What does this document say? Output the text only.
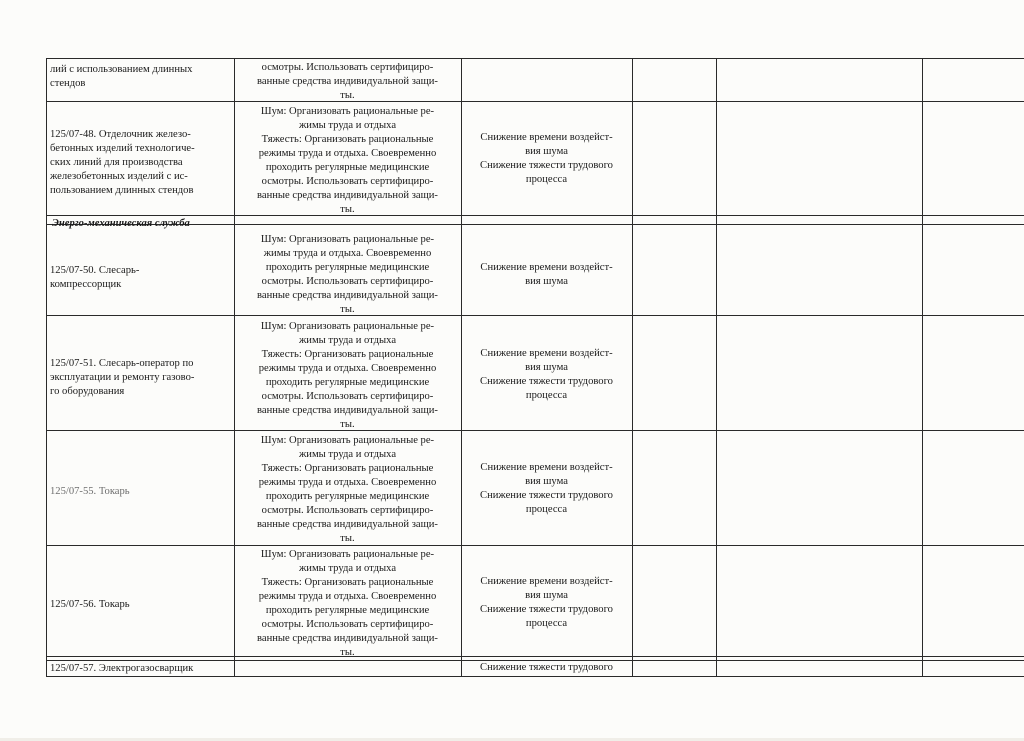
лий с использованием длинных
стендов
осмотры. Использовать сертифициро-
ванные средства индивидуальной защи-
ты.
125/07-48. Отделочник железо-
бетонных изделий технологиче-
ских линий для производства
железобетонных изделий с ис-
пользованием длинных стендов
Шум: Организовать рациональные ре-
жимы труда и отдыха
Тяжесть: Организовать рациональные
режимы труда и отдыха. Своевременно
проходить регулярные медицинские
осмотры. Использовать сертифициро-
ванные средства индивидуальной защи-
ты.
Снижение времени воздейст-
вия шума
Снижение тяжести трудового
процесса
Энерго-механическая служба
125/07-50. Слесарь-
компрессорщик
Шум: Организовать рациональные ре-
жимы труда и отдыха. Своевременно
проходить регулярные медицинские
осмотры. Использовать сертифициро-
ванные средства индивидуальной защи-
ты.
Снижение времени воздейст-
вия шума
125/07-51. Слесарь-оператор по
эксплуатации и ремонту газово-
го оборудования
Шум: Организовать рациональные ре-
жимы труда и отдыха
Тяжесть: Организовать рациональные
режимы труда и отдыха. Своевременно
проходить регулярные медицинские
осмотры. Использовать сертифициро-
ванные средства индивидуальной защи-
ты.
Снижение времени воздейст-
вия шума
Снижение тяжести трудового
процесса
125/07-55. Токарь
Шум: Организовать рациональные ре-
жимы труда и отдыха
Тяжесть: Организовать рациональные
режимы труда и отдыха. Своевременно
проходить регулярные медицинские
осмотры. Использовать сертифициро-
ванные средства индивидуальной защи-
ты.
Снижение времени воздейст-
вия шума
Снижение тяжести трудового
процесса
125/07-56. Токарь
Шум: Организовать рациональные ре-
жимы труда и отдыха
Тяжесть: Организовать рациональные
режимы труда и отдыха. Своевременно
проходить регулярные медицинские
осмотры. Использовать сертифициро-
ванные средства индивидуальной защи-
ты.
Снижение времени воздейст-
вия шума
Снижение тяжести трудового
процесса
125/07-57. Электрогазосварщик	Снижение тяжести трудового
